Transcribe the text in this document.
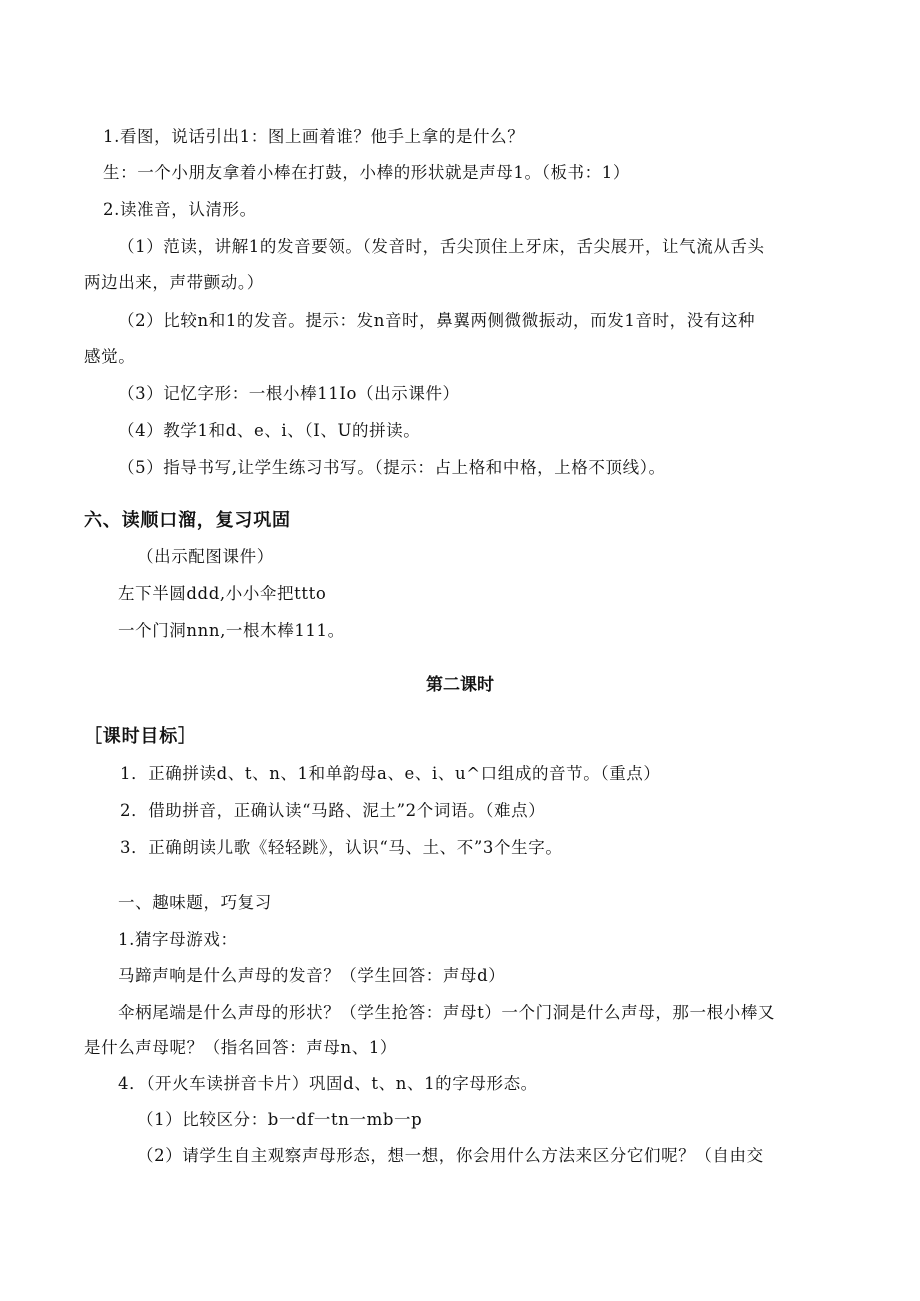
1.看图，说话引出1：图上画着谁？他手上拿的是什么？
生：一个小朋友拿着小棒在打鼓，小棒的形状就是声母1。（板书：1）
2.读准音，认清形。
（1）范读，讲解1的发音要领。（发音时，舌尖顶住上牙床，舌尖展开，让气流从舌头
两边出来，声带颤动。）
（2）比较n和1的发音。提示：发n音时，鼻翼两侧微微振动，而发1音时，没有这种
感觉。
（3）记忆字形：一根小棒11Io（出示课件）
（4）教学1和d、e、i、（I、U的拼读。
（5）指导书写,让学生练习书写。（提示：占上格和中格，上格不顶线）。
六、读顺口溜，复习巩固
（出示配图课件）
左下半圆ddd,小小伞把ttto
一个门洞nnn,一根木棒111。
第二课时
［课时目标］
1．正确拼读d、t、n、1和单韵母a、e、i、u^口组成的音节。（重点）
2．借助拼音，正确认读“马路、泥土”2个词语。（难点）
3．正确朗读儿歌《轻轻跳》，认识“马、土、不”3个生字。
一、趣味题，巧复习
1.猜字母游戏：
马蹄声响是什么声母的发音？（学生回答：声母d）
伞柄尾端是什么声母的形状？（学生抢答：声母t）一个门洞是什么声母，那一根小棒又
是什么声母呢？（指名回答：声母n、1）
4．（开火车读拼音卡片）巩固d、t、n、1的字母形态。
（1）比较区分：b一df一tn一mb一p
（2）请学生自主观察声母形态，想一想，你会用什么方法来区分它们呢？（自由交
